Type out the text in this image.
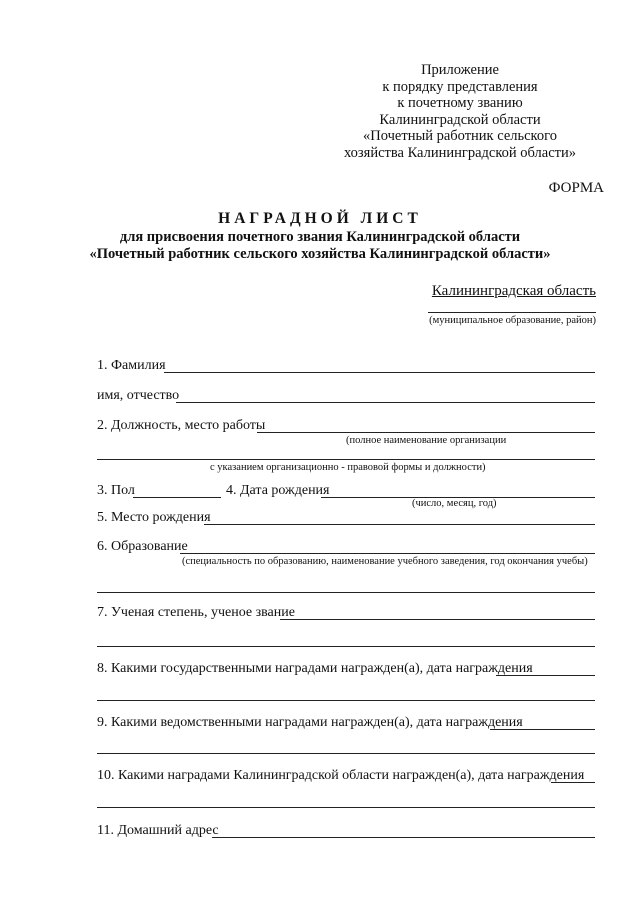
Приложение
к порядку представления
к почетному званию
Калининградской области
«Почетный работник сельского
хозяйства Калининградской области»
ФОРМА
НАГРАДНОЙ ЛИСТ
для присвоения почетного звания Калининградской области
«Почетный работник сельского хозяйства Калининградской области»
Калининградская область
(муниципальное образование, район)
1. Фамилия
имя, отчество
2. Должность, место работы
(полное наименование организации
с указанием организационно - правовой формы и должности)
3. Пол	4. Дата рождения
(число, месяц, год)
5. Место рождения
6. Образование
(специальность по образованию, наименование учебного заведения, год окончания учебы)
7. Ученая степень, ученое звание
8. Какими государственными наградами награжден(а), дата награждения
9. Какими ведомственными наградами награжден(а), дата награждения
10. Какими наградами Калининградской области награжден(а), дата награждения
11. Домашний адрес
